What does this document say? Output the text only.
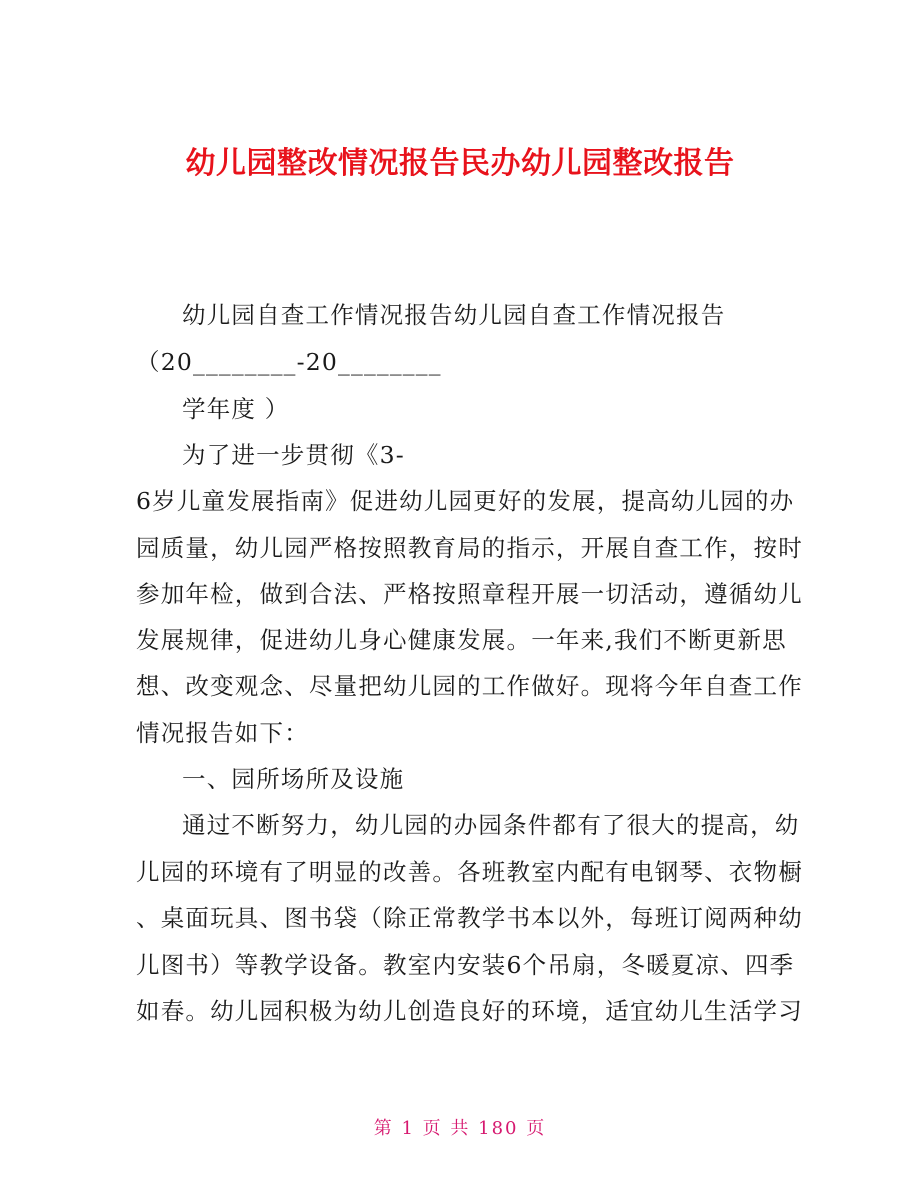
幼儿园整改情况报告民办幼儿园整改报告
幼儿园自查工作情况报告幼儿园自查工作情况报告
（20________-20________
学年度 ）
为了进一步贯彻《3-
6岁儿童发展指南》促进幼儿园更好的发展，提高幼儿园的办
园质量，幼儿园严格按照教育局的指示，开展自查工作，按时
参加年检，做到合法、严格按照章程开展一切活动，遵循幼儿
发展规律，促进幼儿身心健康发展。一年来,我们不断更新思
想、改变观念、尽量把幼儿园的工作做好。现将今年自查工作
情况报告如下：
一、园所场所及设施
通过不断努力，幼儿园的办园条件都有了很大的提高，幼
儿园的环境有了明显的改善。各班教室内配有电钢琴、衣物橱
、桌面玩具、图书袋（除正常教学书本以外，每班订阅两种幼
儿图书）等教学设备。教室内安装6个吊扇，冬暖夏凉、四季
如春。幼儿园积极为幼儿创造良好的环境，适宜幼儿生活学习
第 1 页 共 180 页
